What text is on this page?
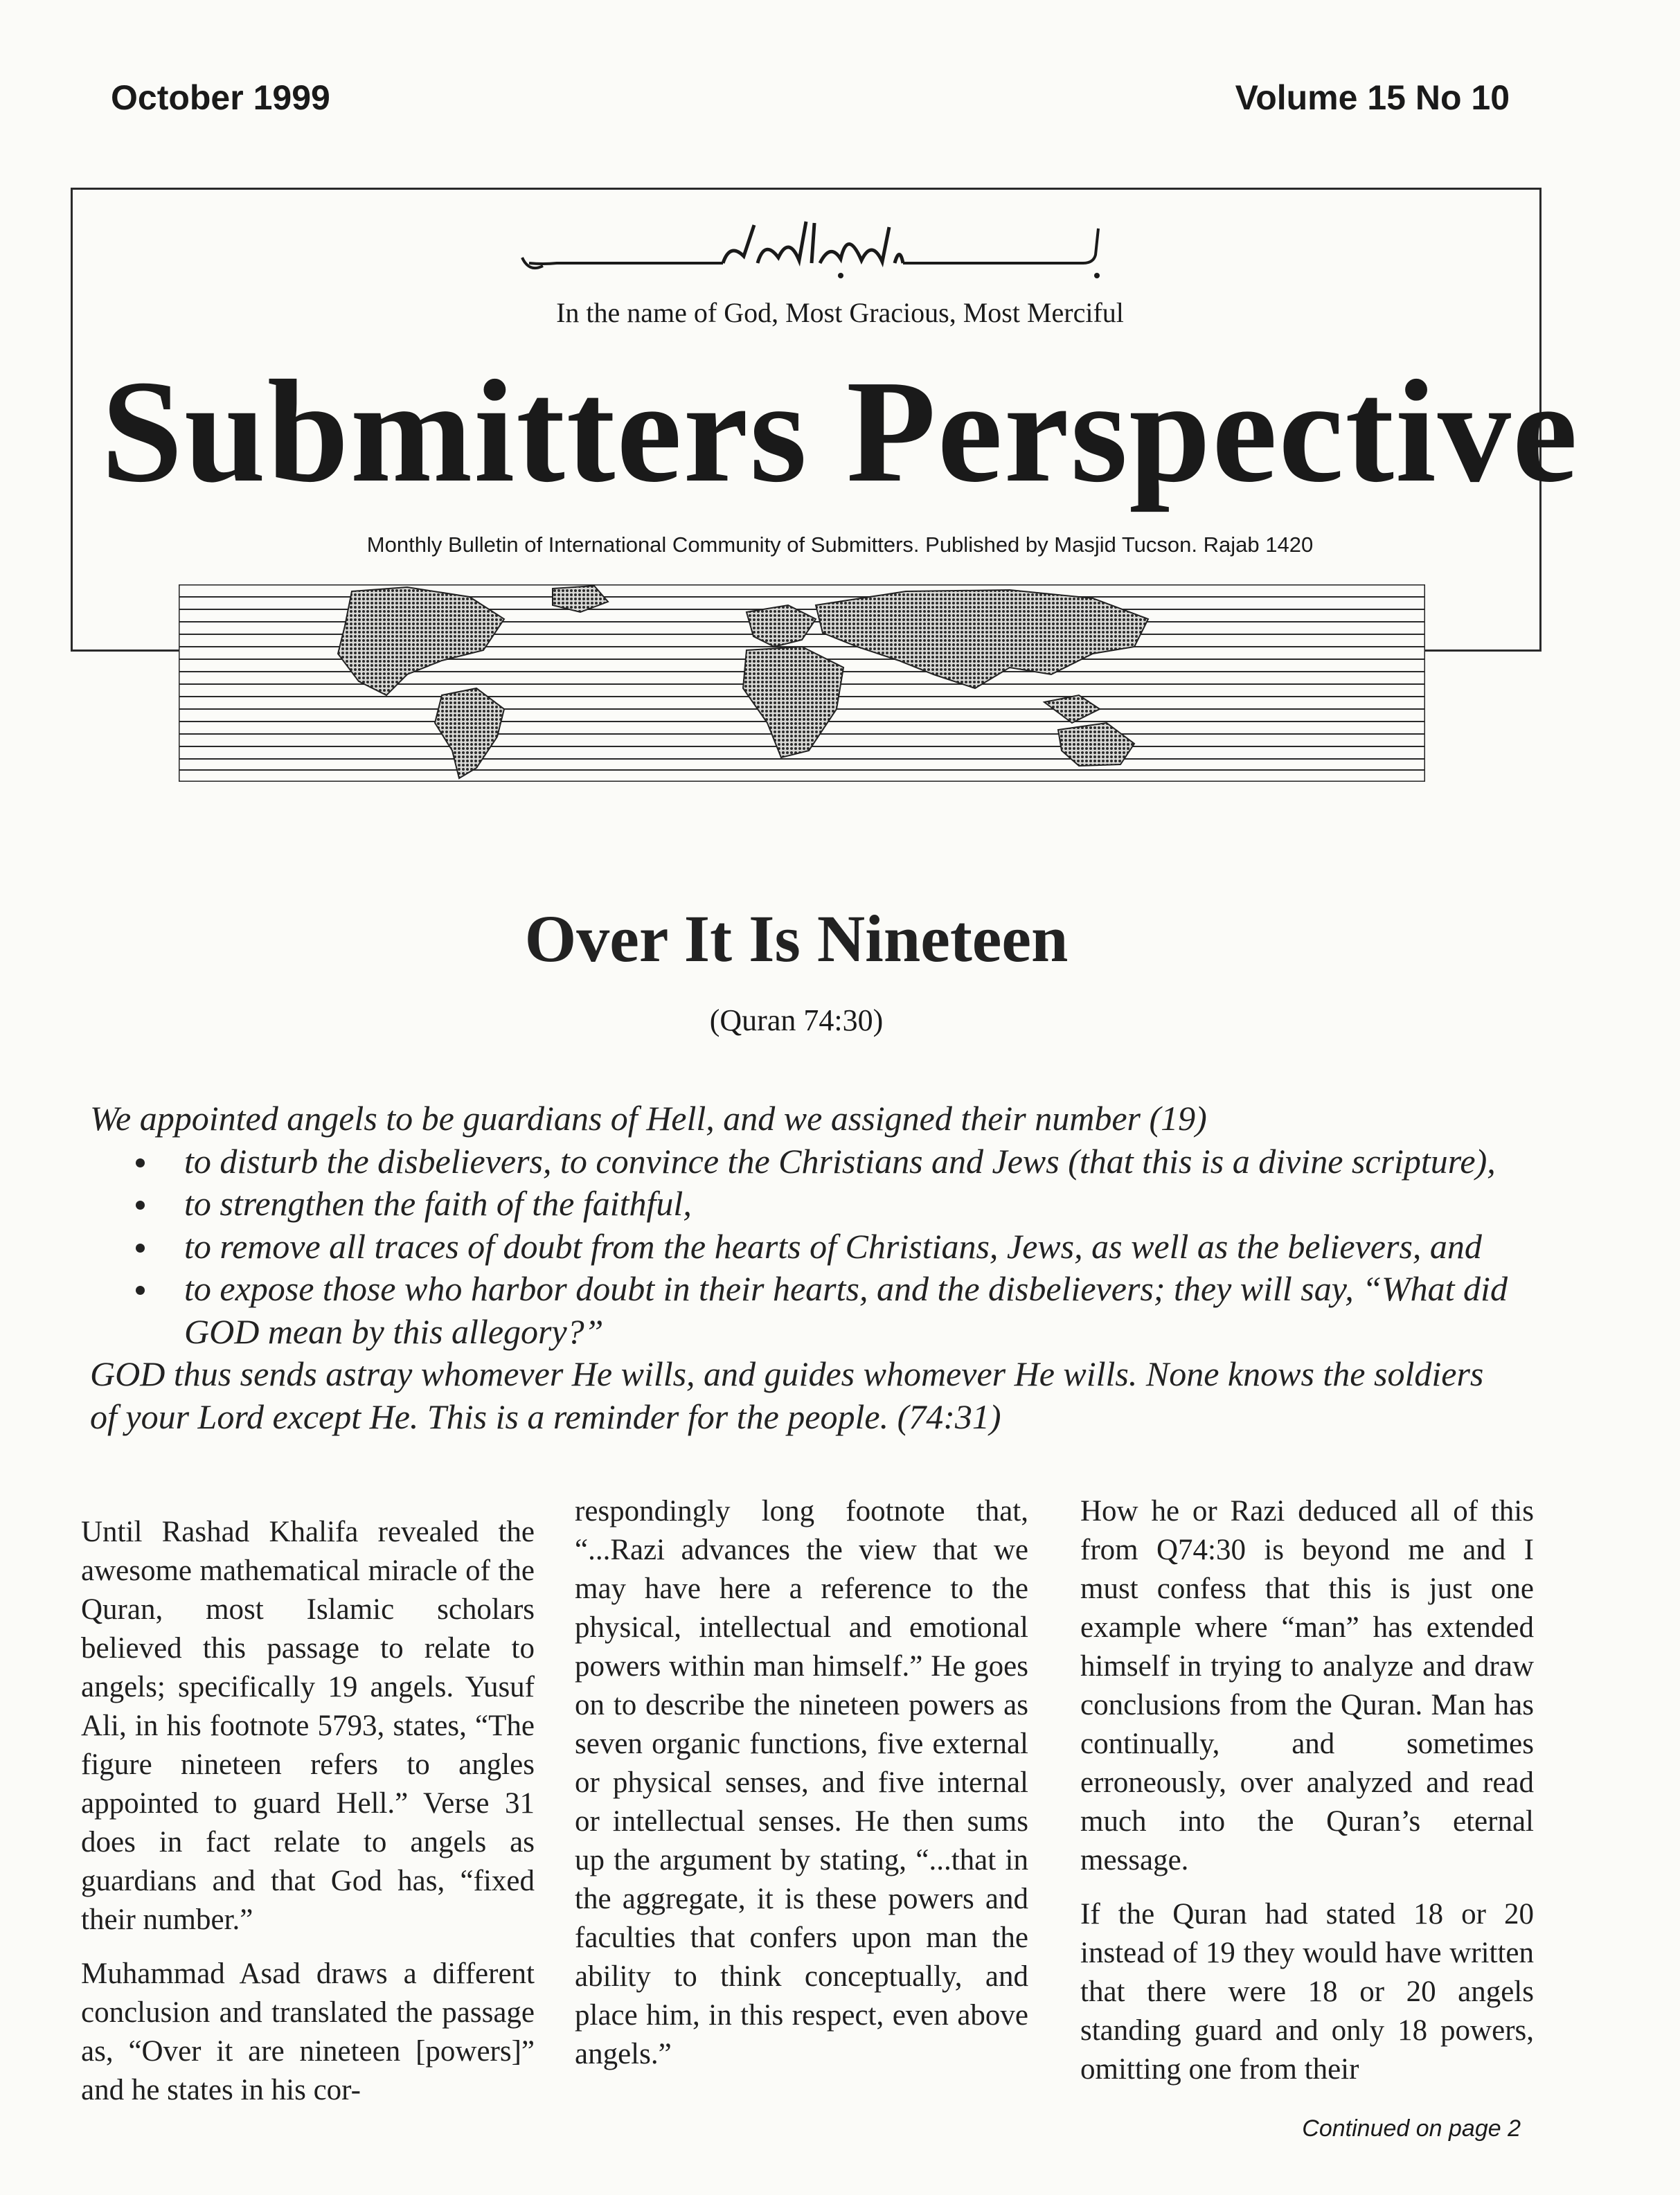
October 1999	Volume 15 No 10
بسم الله الرحمن الرحيم
In the name of God, Most Gracious, Most Merciful
Submitters Perspective
Monthly Bulletin of International Community of Submitters. Published by Masjid Tucson. Rajab 1420
Over It Is Nineteen
(Quran 74:30)

We appointed angels to be guardians of Hell, and we assigned their number (19)

to disturb the disbelievers, to convince the Christians and Jews (that this is a divine scripture),
to strengthen the faith of the faithful,
to remove all traces of doubt from the hearts of Christians, Jews, as well as the believers, and
to expose those who harbor doubt in their hearts, and the disbelievers; they will say, “What did GOD mean by this allegory?”

GOD thus sends astray whomever He wills, and guides whomever He wills. None knows the soldiers of your Lord except He. This is a reminder for the people. (74:31)

Until Rashad Khalifa revealed the awesome mathematical miracle of the Quran, most Islamic scholars believed this passage to relate to angels; specifically 19 angels. Yusuf Ali, in his footnote 5793, states, “The figure nineteen refers to angles appointed to guard Hell.” Verse 31 does in fact relate to angels as guardians and that God has, “fixed their number.”

Muhammad Asad draws a different conclusion and translated the passage as, “Over it are nineteen [powers]” and he states in his cor-

respondingly long footnote that, “...Razi advances the view that we may have here a reference to the physical, intellectual and emotional powers within man himself.” He goes on to describe the nineteen powers as seven organic functions, five external or physical senses, and five internal or intellectual senses. He then sums up the argument by stating, “...that in the aggregate, it is these powers and faculties that confers upon man the ability to think conceptually, and place him, in this respect, even above angels.”

How he or Razi deduced all of this from Q74:30 is beyond me and I must confess that this is just one example where “man” has extended himself in trying to analyze and draw conclusions from the Quran. Man has continually, and sometimes erroneously, over analyzed and read much into the Quran’s eternal message.

If the Quran had stated 18 or 20 instead of 19 they would have written that there were 18 or 20 angels standing guard and only 18 powers, omitting one from their

Continued on page 2
